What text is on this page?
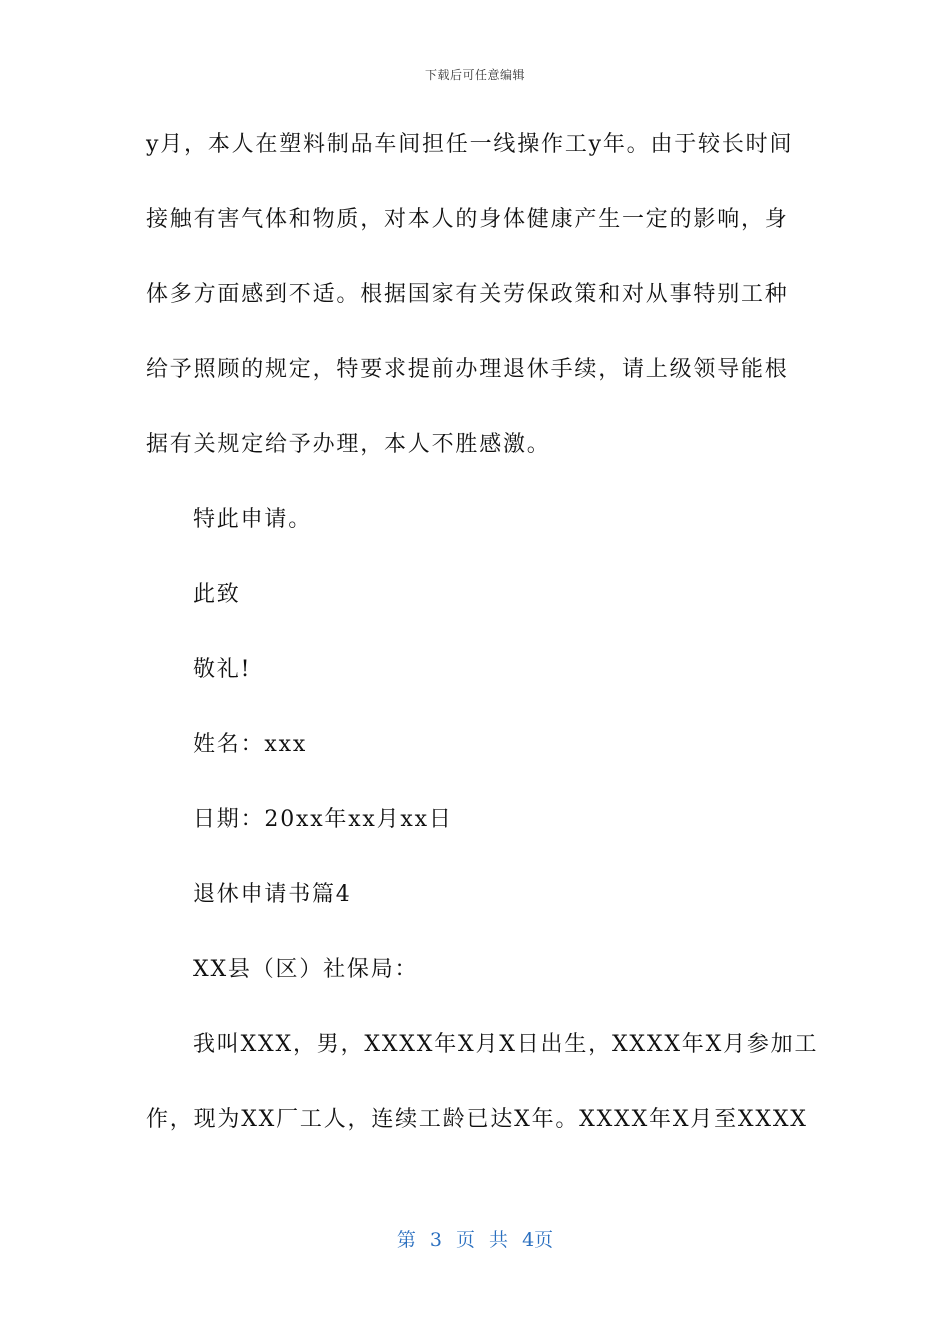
下载后可任意编辑
y月，本人在塑料制品车间担任一线操作工y年。由于较长时间
接触有害气体和物质，对本人的身体健康产生一定的影响，身
体多方面感到不适。根据国家有关劳保政策和对从事特别工种
给予照顾的规定，特要求提前办理退休手续，请上级领导能根
据有关规定给予办理，本人不胜感激。
特此申请。
此致
敬礼!
姓名：xxx
日期：20xx年xx月xx日
退休申请书篇4
XX县（区）社保局：
我叫XXX，男，XXXX年X月X日出生，XXXX年X月参加工
作，现为XX厂工人，连续工龄已达X年。XXXX年X月至XXXX
第 3 页 共 4页
